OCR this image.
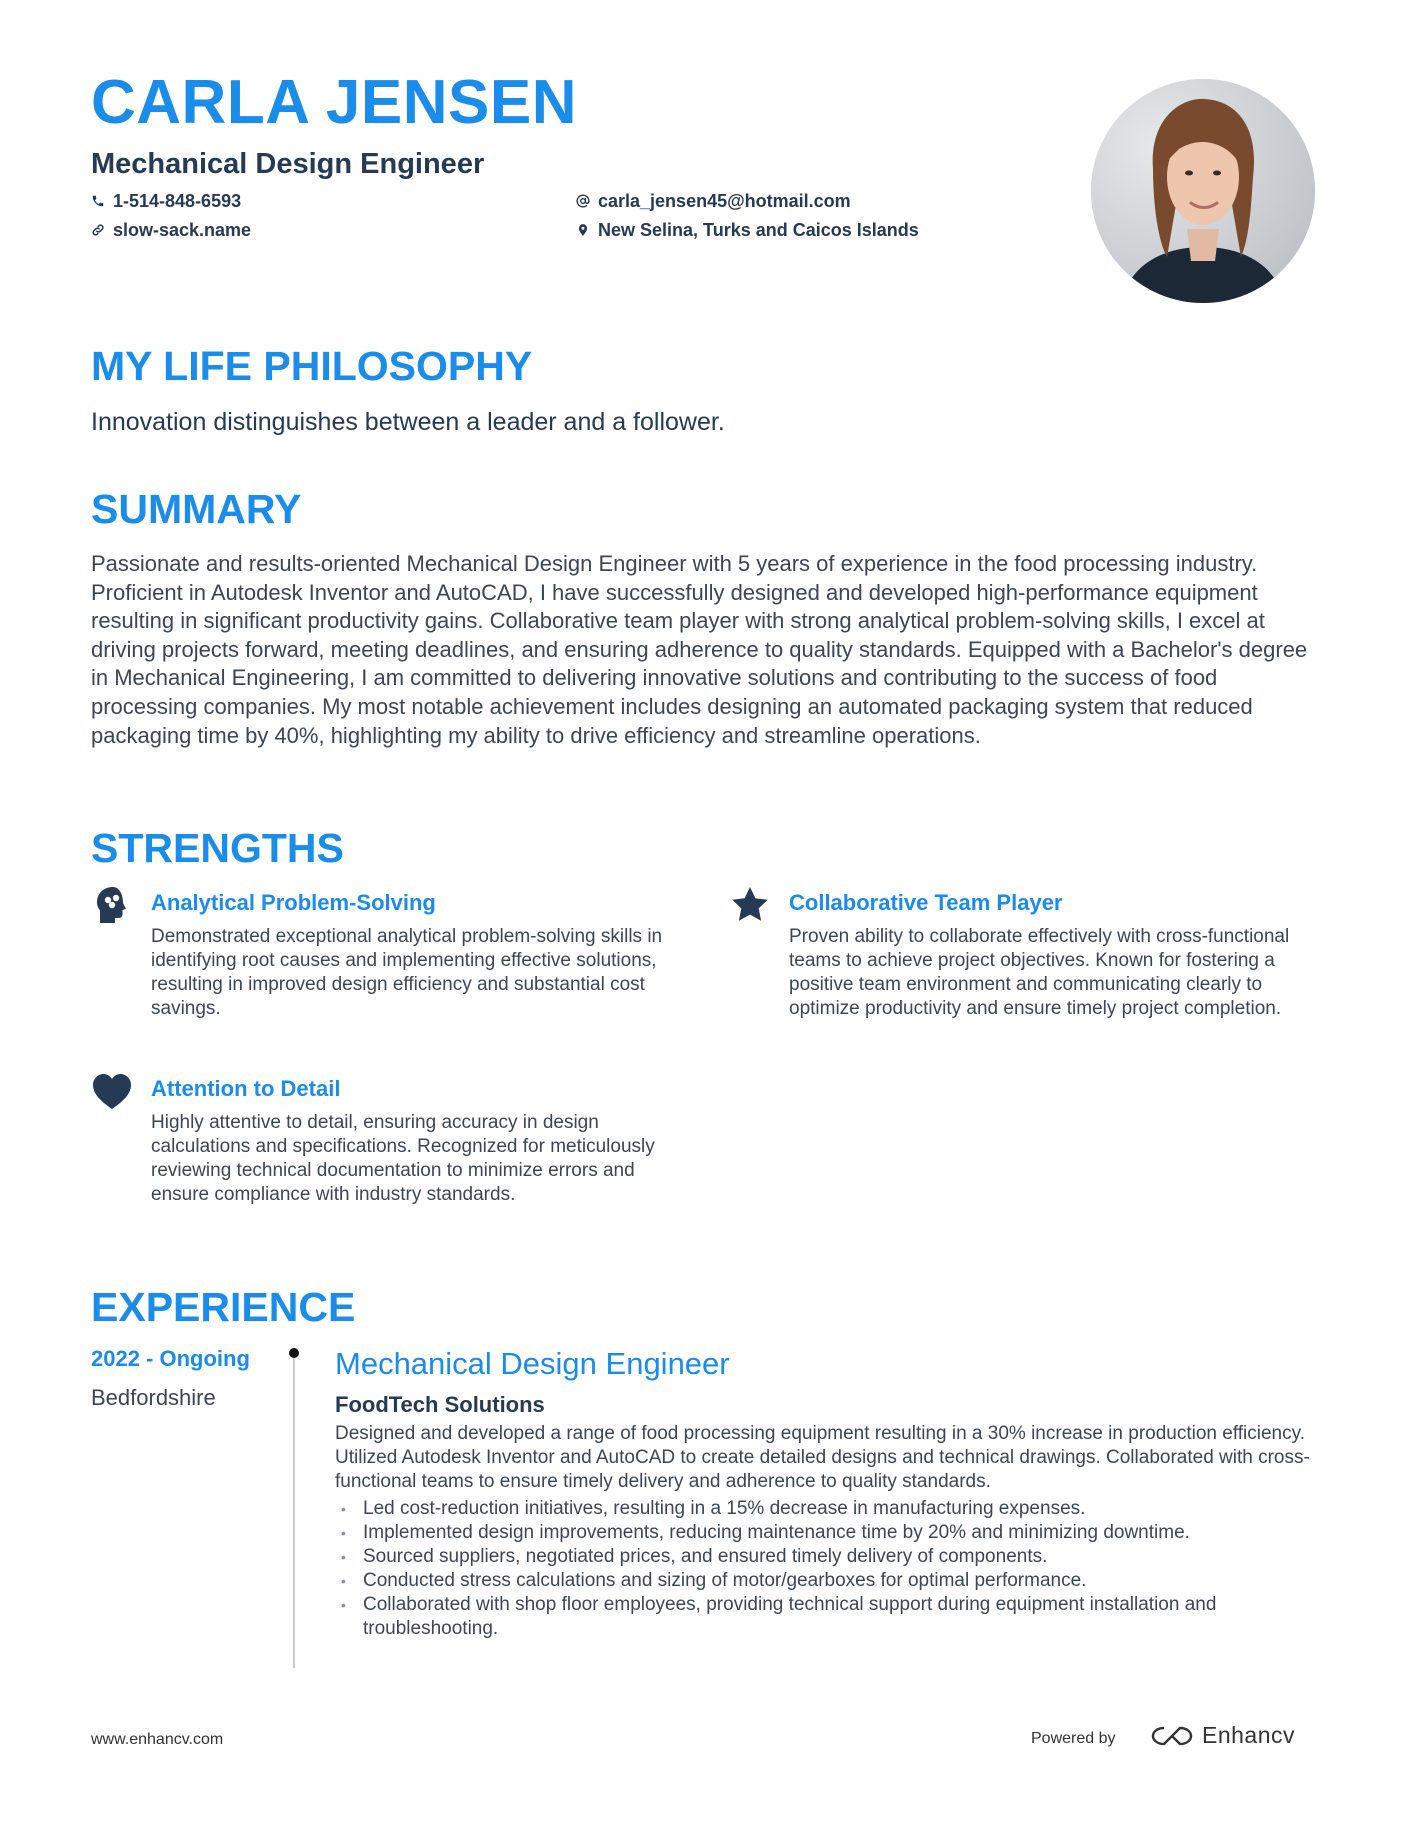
CARLA JENSEN
Mechanical Design Engineer
1-514-848-6593
slow-sack.name
carla_jensen45@hotmail.com
New Selina, Turks and Caicos Islands
MY LIFE PHILOSOPHY
Innovation distinguishes between a leader and a follower.
SUMMARY
Passionate and results-oriented Mechanical Design Engineer with 5 years of experience in the food processing industry. Proficient in Autodesk Inventor and AutoCAD, I have successfully designed and developed high-performance equipment resulting in significant productivity gains. Collaborative team player with strong analytical problem-solving skills, I excel at driving projects forward, meeting deadlines, and ensuring adherence to quality standards. Equipped with a Bachelor's degree in Mechanical Engineering, I am committed to delivering innovative solutions and contributing to the success of food processing companies. My most notable achievement includes designing an automated packaging system that reduced packaging time by 40%, highlighting my ability to drive efficiency and streamline operations.
STRENGTHS
Analytical Problem-Solving
Demonstrated exceptional analytical problem-solving skills in identifying root causes and implementing effective solutions, resulting in improved design efficiency and substantial cost savings.
Collaborative Team Player
Proven ability to collaborate effectively with cross-functional teams to achieve project objectives. Known for fostering a positive team environment and communicating clearly to optimize productivity and ensure timely project completion.
Attention to Detail
Highly attentive to detail, ensuring accuracy in design calculations and specifications. Recognized for meticulously reviewing technical documentation to minimize errors and ensure compliance with industry standards.
EXPERIENCE
2022 - Ongoing
Bedfordshire
Mechanical Design Engineer
FoodTech Solutions
Designed and developed a range of food processing equipment resulting in a 30% increase in production efficiency. Utilized Autodesk Inventor and AutoCAD to create detailed designs and technical drawings. Collaborated with cross-functional teams to ensure timely delivery and adherence to quality standards.
• Led cost-reduction initiatives, resulting in a 15% decrease in manufacturing expenses.
• Implemented design improvements, reducing maintenance time by 20% and minimizing downtime.
• Sourced suppliers, negotiated prices, and ensured timely delivery of components.
• Conducted stress calculations and sizing of motor/gearboxes for optimal performance.
• Collaborated with shop floor employees, providing technical support during equipment installation and troubleshooting.
www.enhancv.com	Powered by	Enhancv
